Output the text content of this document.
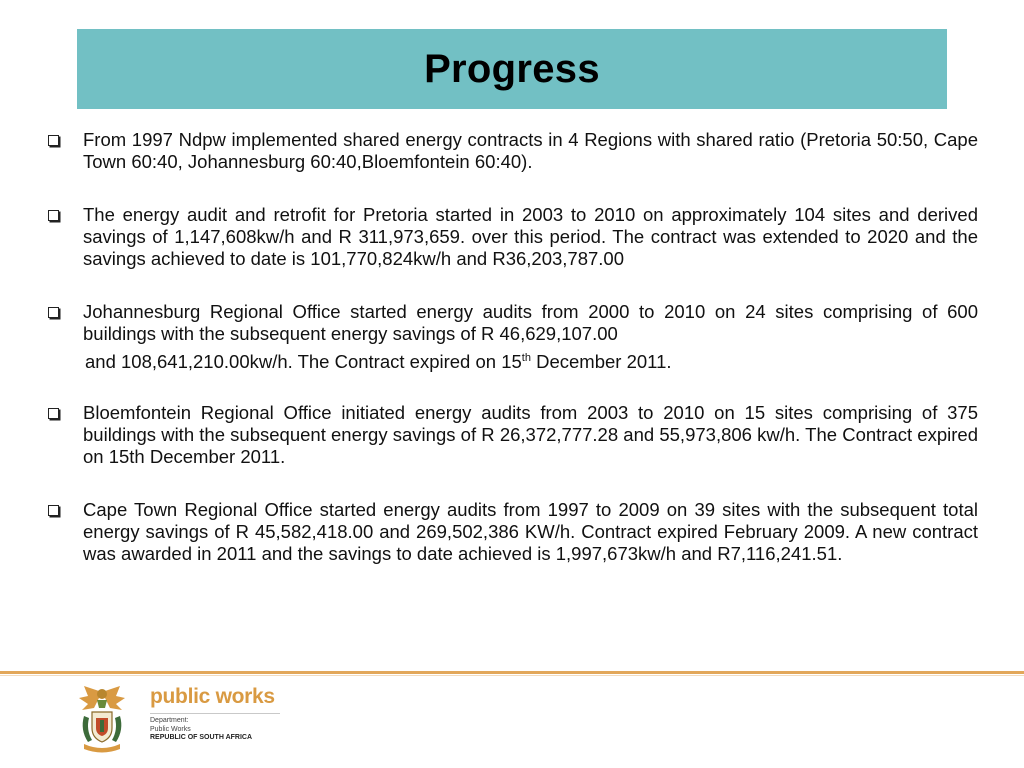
Progress
From 1997 Ndpw implemented shared energy contracts in 4 Regions with shared ratio (Pretoria 50:50, Cape Town 60:40, Johannesburg 60:40,Bloemfontein 60:40).
The energy audit and retrofit for Pretoria started in 2003 to 2010 on approximately 104 sites and derived savings of 1,147,608kw/h and R 311,973,659. over this period. The contract was extended to 2020 and the savings achieved to date is 101,770,824kw/h and R36,203,787.00
Johannesburg Regional Office started energy audits from 2000 to 2010 on 24 sites comprising of 600 buildings with the subsequent energy savings of R 46,629,107.00
and 108,641,210.00kw/h. The Contract expired on 15th December 2011.
Bloemfontein Regional Office initiated energy audits from 2003 to 2010 on 15 sites comprising of 375 buildings with the subsequent energy savings of R 26,372,777.28 and 55,973,806 kw/h. The Contract expired on 15th December 2011.
Cape Town Regional Office started energy audits from 1997 to 2009 on 39 sites with the subsequent total energy savings of R 45,582,418.00 and 269,502,386 KW/h. Contract expired February 2009. A new contract was awarded in 2011 and the savings to date achieved is 1,997,673kw/h and R7,116,241.51.
public works
Department:
Public Works
REPUBLIC OF SOUTH AFRICA
